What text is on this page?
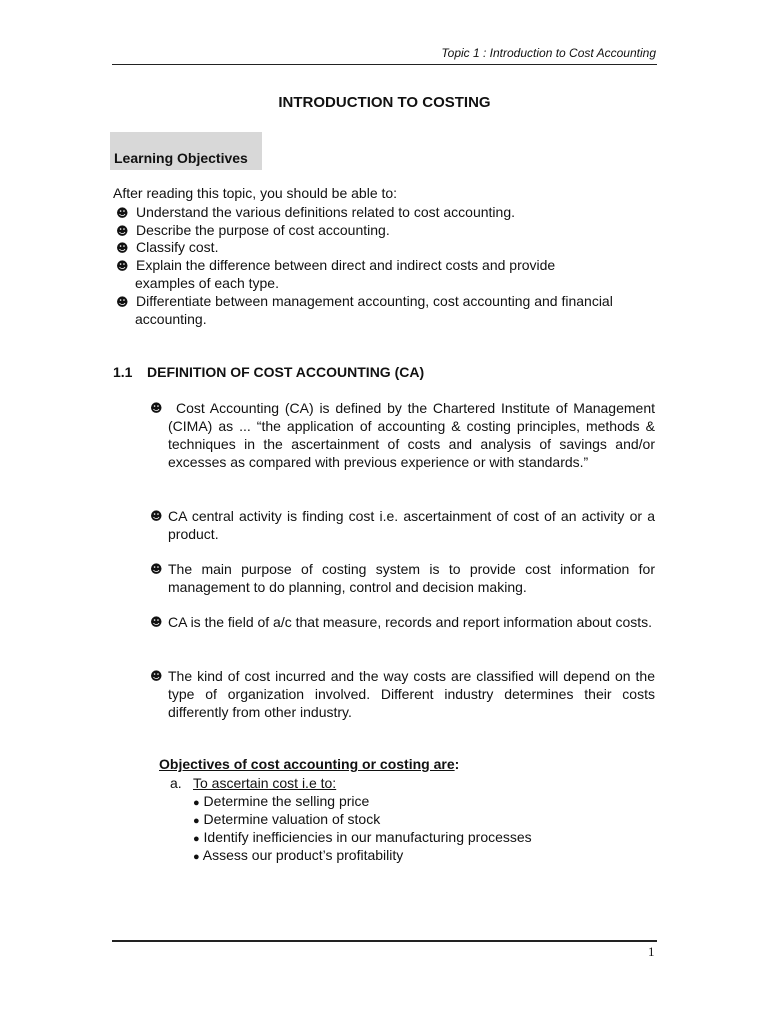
Topic 1 : Introduction to Cost Accounting
INTRODUCTION TO COSTING
Learning Objectives
After reading this topic, you should be able to:
☻ Understand the various definitions related to cost accounting.
☻ Describe the purpose of cost accounting.
☻ Classify cost.
☻ Explain the difference between direct and indirect costs and provide
examples of each type.
☻ Differentiate between management accounting, cost accounting and financial
accounting.
1.1 DEFINITION OF COST ACCOUNTING (CA)
☻ Cost Accounting (CA) is defined by the Chartered Institute of Management (CIMA) as ... “the application of accounting & costing principles, methods & techniques in the ascertainment of costs and analysis of savings and/or excesses as compared with previous experience or with standards.”
☻ CA central activity is finding cost i.e. ascertainment of cost of an activity or a product.
☻ The main purpose of costing system is to provide cost information for management to do planning, control and decision making.
☻ CA is the field of a/c that measure, records and report information about costs.
☻ The kind of cost incurred and the way costs are classified will depend on the type of organization involved. Different industry determines their costs differently from other industry.
Objectives of cost accounting or costing are:
a. To ascertain cost i.e to:
● Determine the selling price
● Determine valuation of stock
● Identify inefficiencies in our manufacturing processes
● Assess our product’s profitability
1
